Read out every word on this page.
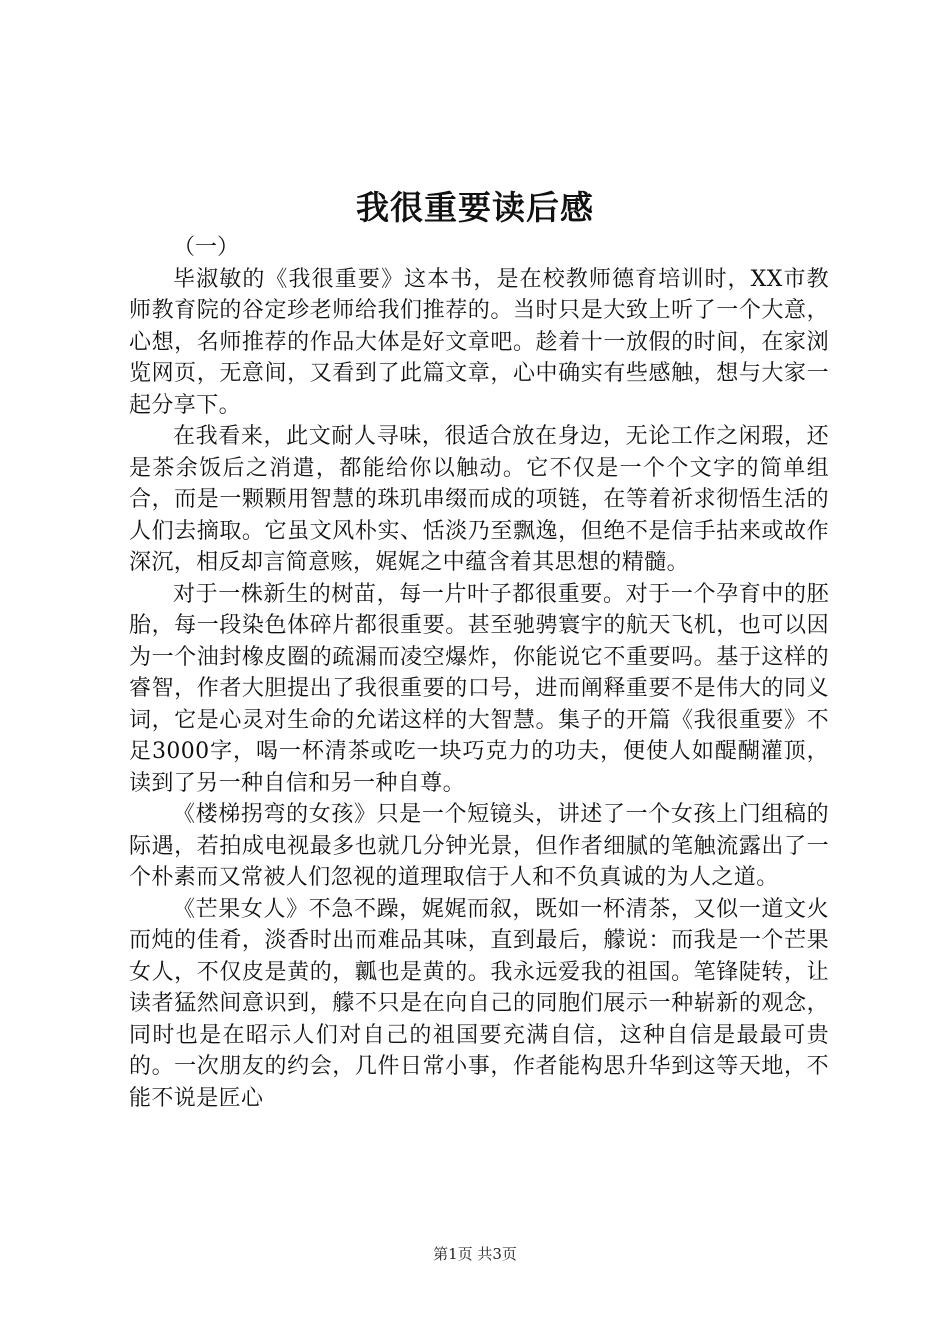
我很重要读后感

（一）

毕淑敏的《我很重要》这本书，是在校教师德育培训时，XX市教师教育院的谷定珍老师给我们推荐的。当时只是大致上听了一个大意，心想，名师推荐的作品大体是好文章吧。趁着十一放假的时间，在家浏览网页，无意间，又看到了此篇文章，心中确实有些感触，想与大家一起分享下。

在我看来，此文耐人寻味，很适合放在身边，无论工作之闲瑕，还是茶余饭后之消遣，都能给你以触动。它不仅是一个个文字的简单组合，而是一颗颗用智慧的珠玑串缀而成的项链，在等着祈求彻悟生活的人们去摘取。它虽文风朴实、恬淡乃至飘逸，但绝不是信手拈来或故作深沉，相反却言简意赅，娓娓之中蕴含着其思想的精髓。

对于一株新生的树苗，每一片叶子都很重要。对于一个孕育中的胚胎，每一段染色体碎片都很重要。甚至驰骋寰宇的航天飞机，也可以因为一个油封橡皮圈的疏漏而凌空爆炸，你能说它不重要吗。基于这样的睿智，作者大胆提出了我很重要的口号，进而阐释重要不是伟大的同义词，它是心灵对生命的允诺这样的大智慧。集子的开篇《我很重要》不足3000字，喝一杯清茶或吃一块巧克力的功夫，便使人如醍醐灌顶，读到了另一种自信和另一种自尊。

《楼梯拐弯的女孩》只是一个短镜头，讲述了一个女孩上门组稿的际遇，若拍成电视最多也就几分钟光景，但作者细腻的笔触流露出了一个朴素而又常被人们忽视的道理取信于人和不负真诚的为人之道。

《芒果女人》不急不躁，娓娓而叙，既如一杯清茶，又似一道文火而炖的佳肴，淡香时出而难品其味，直到最后，艨说：而我是一个芒果女人，不仅皮是黄的，瓤也是黄的。我永远爱我的祖国。笔锋陡转，让读者猛然间意识到，艨不只是在向自己的同胞们展示一种崭新的观念，同时也是在昭示人们对自己的祖国要充满自信，这种自信是最最可贵的。一次朋友的约会，几件日常小事，作者能构思升华到这等天地，不能不说是匠心

第1页 共3页
